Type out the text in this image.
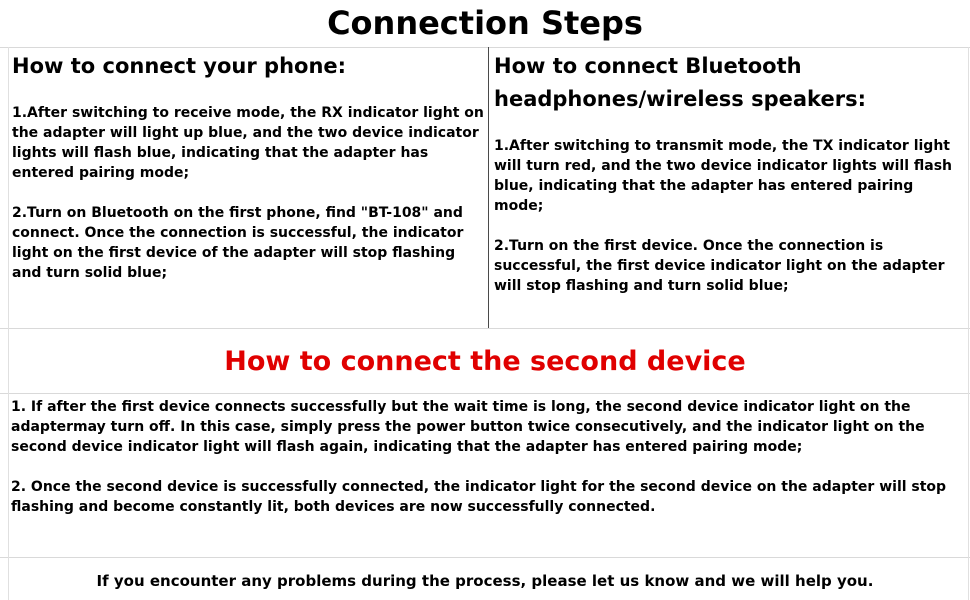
Connection Steps
How to connect your phone:

1.After switching to receive mode, the RX indicator light on the adapter will light up blue, and the two device indicator lights will flash blue, indicating that the adapter has entered pairing mode;

2.Turn on Bluetooth on the first phone, find "BT-108" and connect. Once the connection is successful, the indicator light on the first device of the adapter will stop flashing and turn solid blue;

How to connect Bluetooth headphones/wireless speakers:

1.After switching to transmit mode, the TX indicator light will turn red, and the two device indicator lights will flash blue, indicating that the adapter has entered pairing mode;

2.Turn on the first device. Once the connection is successful, the first device indicator light on the adapter will stop flashing and turn solid blue;

How to connect the second device

1. If after the first device connects successfully but the wait time is long, the second device indicator light on the adaptermay turn off. In this case, simply press the power button twice consecutively, and the indicator light on the second device indicator light will flash again, indicating that the adapter has entered pairing mode;

2. Once the second device is successfully connected, the indicator light for the second device on the adapter will stop flashing and become constantly lit, both devices are now successfully connected.

If you encounter any problems during the process, please let us know and we will help you.
